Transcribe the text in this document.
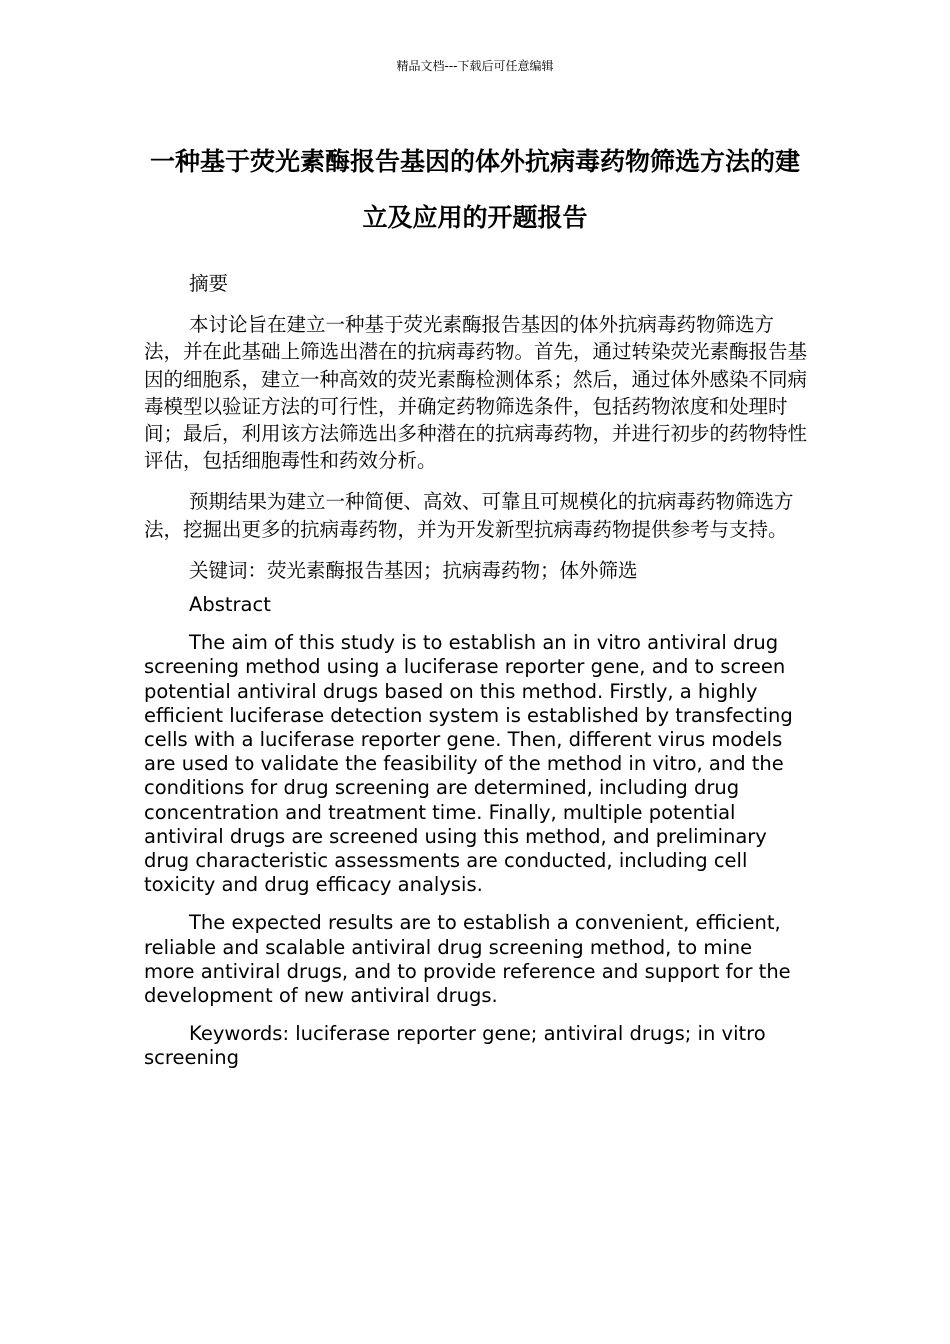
精品文档---下载后可任意编辑
一种基于荧光素酶报告基因的体外抗病毒药物筛选方法的建立及应用的开题报告

摘要

本讨论旨在建立一种基于荧光素酶报告基因的体外抗病毒药物筛选方法，并在此基础上筛选出潜在的抗病毒药物。首先，通过转染荧光素酶报告基因的细胞系，建立一种高效的荧光素酶检测体系；然后，通过体外感染不同病毒模型以验证方法的可行性，并确定药物筛选条件，包括药物浓度和处理时间；最后，利用该方法筛选出多种潜在的抗病毒药物，并进行初步的药物特性评估，包括细胞毒性和药效分析。

预期结果为建立一种简便、高效、可靠且可规模化的抗病毒药物筛选方法，挖掘出更多的抗病毒药物，并为开发新型抗病毒药物提供参考与支持。

关键词：荧光素酶报告基因；抗病毒药物；体外筛选

Abstract

The aim of this study is to establish an in vitro antiviral drug screening method using a luciferase reporter gene, and to screen potential antiviral drugs based on this method. Firstly, a highly efficient luciferase detection system is established by transfecting cells with a luciferase reporter gene. Then, different virus models are used to validate the feasibility of the method in vitro, and the conditions for drug screening are determined, including drug concentration and treatment time. Finally, multiple potential antiviral drugs are screened using this method, and preliminary drug characteristic assessments are conducted, including cell toxicity and drug efficacy analysis.

The expected results are to establish a convenient, efficient, reliable and scalable antiviral drug screening method, to mine more antiviral drugs, and to provide reference and support for the development of new antiviral drugs.

Keywords: luciferase reporter gene; antiviral drugs; in vitro screening
